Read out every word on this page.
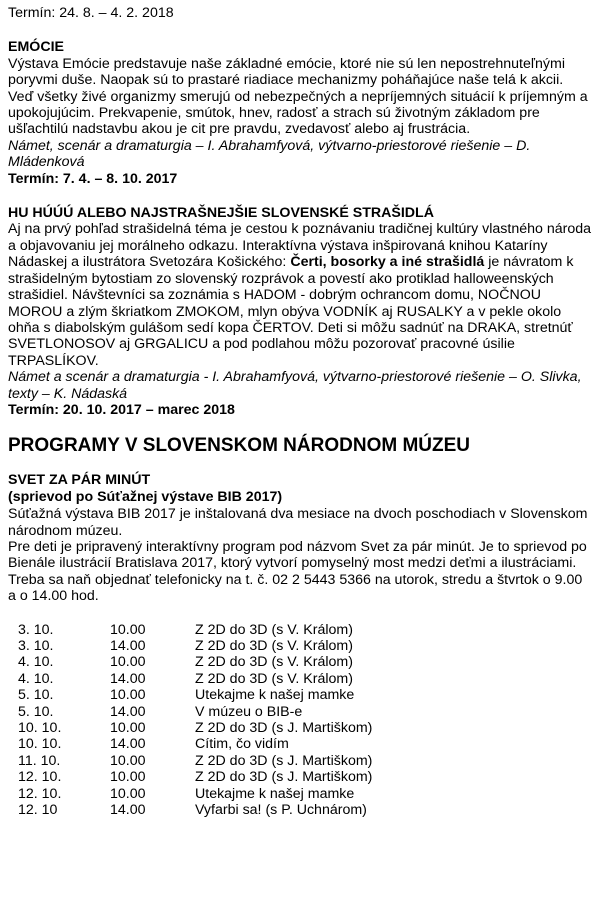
Termín: 24. 8. – 4. 2. 2018

EMÓCIE

Výstava Emócie predstavuje naše základné emócie, ktoré nie sú len nepostrehnuteľnými poryvmi duše. Naopak sú to prastaré riadiace mechanizmy poháňajúce naše telá k akcii. Veď všetky živé organizmy smerujú od nebezpečných a nepríjemných situácií k príjemným a upokojujúcim. Prekvapenie, smútok, hnev, radosť a strach sú životným základom pre ušľachtilú nadstavbu akou je cit pre pravdu, zvedavosť alebo aj frustrácia.

Námet, scenár a dramaturgia – I. Abrahamfyová, výtvarno-priestorové riešenie – D. Mládenková

Termín: 7. 4. – 8. 10. 2017

HU HÚÚÚ ALEBO NAJSTRAŠNEJŠIE SLOVENSKÉ STRAŠIDLÁ

Aj na prvý pohľad strašidelná téma je cestou k poznávaniu tradičnej kultúry vlastného národa a objavovaniu jej morálneho odkazu. Interaktívna výstava inšpirovaná knihou Kataríny Nádaskej a ilustrátora Svetozára Košického: Čerti, bosorky a iné strašidlá je návratom k strašidelným bytostiam zo slovenský rozprávok a povestí ako protiklad halloweenských strašidiel. Návštevníci sa zoznámia s HADOM - dobrým ochrancom domu, NOČNOU MOROU a zlým škriatkom ZMOKOM, mlyn obýva VODNÍK aj RUSALKY a v pekle okolo ohňa s diabolským gulášom sedí kopa ČERTOV. Deti si môžu sadnúť na DRAKA, stretnúť SVETLONOSOV aj GRGALICU a pod podlahou môžu pozorovať pracovné úsilie TRPASLÍKOV.

Námet a scenár a dramaturgia - I. Abrahamfyová, výtvarno-priestorové riešenie – O. Slivka, texty – K. Nádaská

Termín: 20. 10. 2017 – marec 2018

PROGRAMY V SLOVENSKOM NÁRODNOM MÚZEU
SVET ZA PÁR MINÚT

(sprievod po Súťažnej výstave BIB 2017)

Súťažná výstava BIB 2017 je inštalovaná dva mesiace na dvoch poschodiach v Slovenskom národnom múzeu.

Pre deti je pripravený interaktívny program pod názvom Svet za pár minút. Je to sprievod po Bienále ilustrácií Bratislava 2017, ktorý vytvorí pomyselný most medzi deťmi a ilustráciami. Treba sa naň objednať telefonicky na t. č. 02 2 5443 5366 na utorok, stredu a štvrtok o 9.00 a o 14.00 hod.

3. 10.	10.00	Z 2D do 3D (s V. Králom)
3. 10.	14.00	Z 2D do 3D (s V. Králom)
4. 10.	10.00	Z 2D do 3D (s V. Králom)
4. 10.	14.00	Z 2D do 3D (s V. Králom)
5. 10.	10.00	Utekajme k našej mamke
5. 10.	14.00	V múzeu o BIB-e
10. 10.	10.00	Z 2D do 3D (s J. Martiškom)
10. 10.	14.00	Cítim, čo vidím
11. 10.	10.00	Z 2D do 3D (s J. Martiškom)
12. 10.	10.00	Z 2D do 3D (s J. Martiškom)
12. 10.	10.00	Utekajme k našej mamke
12. 10	14.00	Vyfarbi sa! (s P. Uchnárom)
